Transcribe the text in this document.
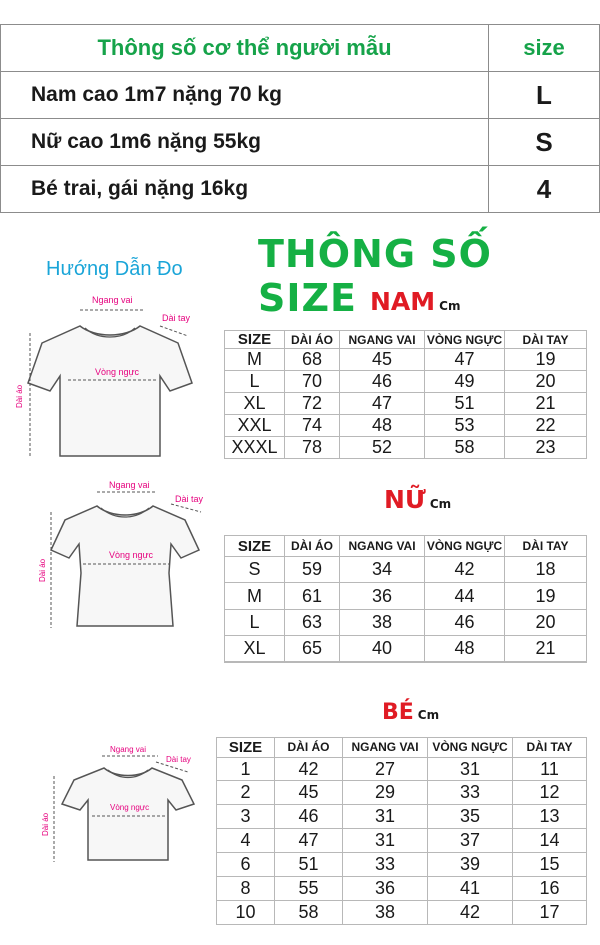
Thông số cơ thể người mẫu	size
Nam cao 1m7 nặng 70 kg	L
Nữ cao 1m6 nặng 55kg	S
Bé trai, gái nặng 16kg	4
Hướng Dẫn Đo THÔNG SỐ SIZE
Ngang vai
Dài tay
Vòng ngực
Dài áo
NAM Cm
SIZE	DÀI ÁO	NGANG VAI	VÒNG NGỰC	DÀI TAY
M	68	45	47	19
L	70	46	49	20
XL	72	47	51	21
XXL	74	48	53	22
XXXL	78	52	58	23
Ngang vai
Dài tay
Vòng ngực
Dài áo
NỮ Cm
SIZE	DÀI ÁO	NGANG VAI	VÒNG NGỰC	DÀI TAY
S	59	34	42	18
M	61	36	44	19
L	63	38	46	20
XL	65	40	48	21

Ngang vai
Dài tay
Vòng ngực
Dài áo
BÉ Cm
SIZE	DÀI ÁO	NGANG VAI	VÒNG NGỰC	DÀI TAY
1	42	27	31	11
2	45	29	33	12
3	46	31	35	13
4	47	31	37	14
6	51	33	39	15
8	55	36	41	16
10	58	38	42	17
